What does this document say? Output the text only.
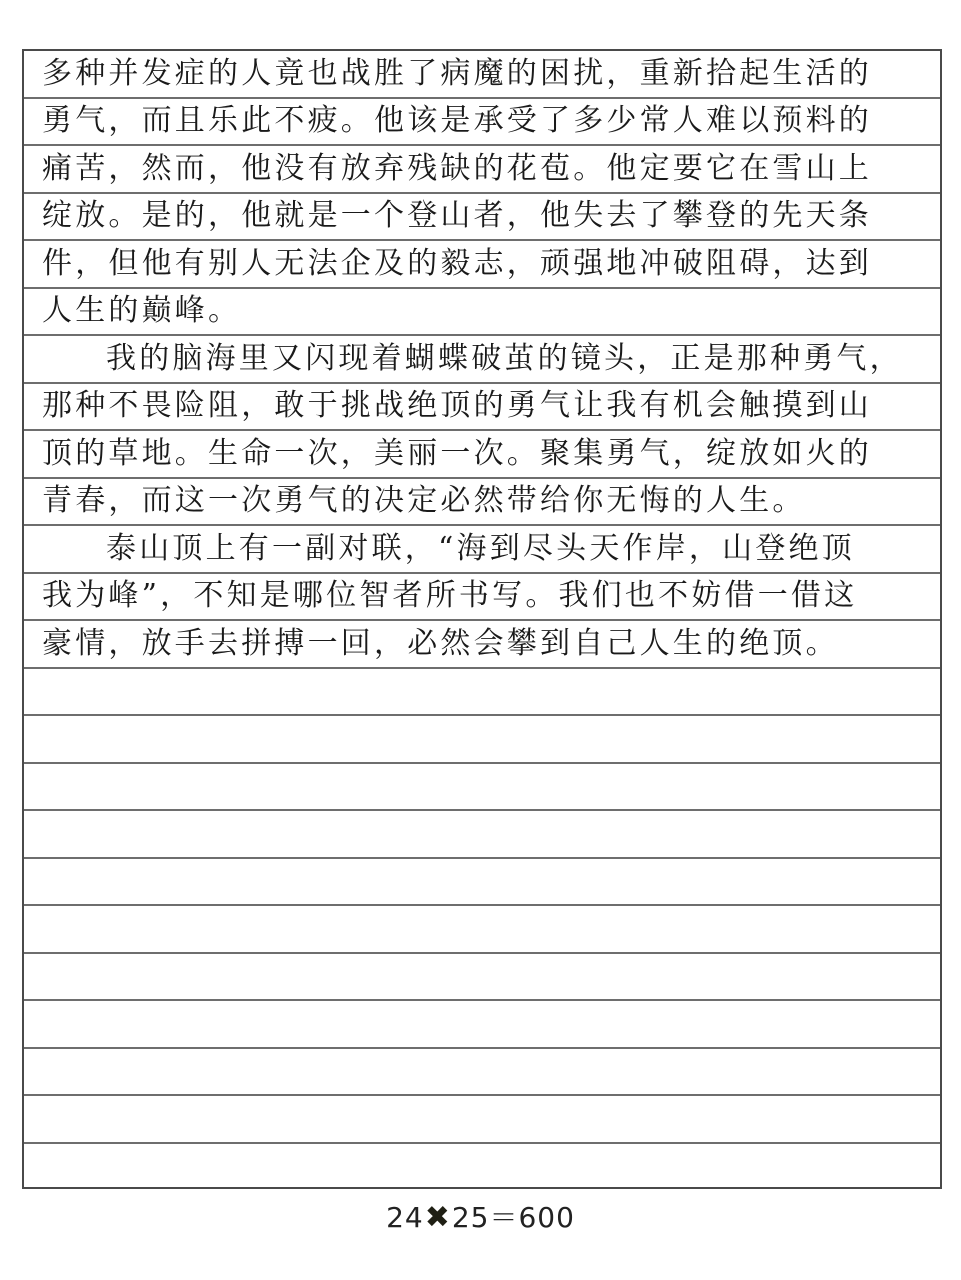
多种并发症的人竟也战胜了病魔的困扰，重新拾起生活的
勇气，而且乐此不疲。他该是承受了多少常人难以预料的
痛苦，然而，他没有放弃残缺的花苞。他定要它在雪山上
绽放。是的，他就是一个登山者，他失去了攀登的先天条
件，但他有别人无法企及的毅志，顽强地冲破阻碍，达到
人生的巅峰。
我的脑海里又闪现着蝴蝶破茧的镜头，正是那种勇气，
那种不畏险阻，敢于挑战绝顶的勇气让我有机会触摸到山
顶的草地。生命一次，美丽一次。聚集勇气，绽放如火的
青春，而这一次勇气的决定必然带给你无悔的人生。
泰山顶上有一副对联，“海到尽头天作岸，山登绝顶
我为峰”，不知是哪位智者所书写。我们也不妨借一借这
豪情，放手去拼搏一回，必然会攀到自己人生的绝顶。
24✖25＝600
